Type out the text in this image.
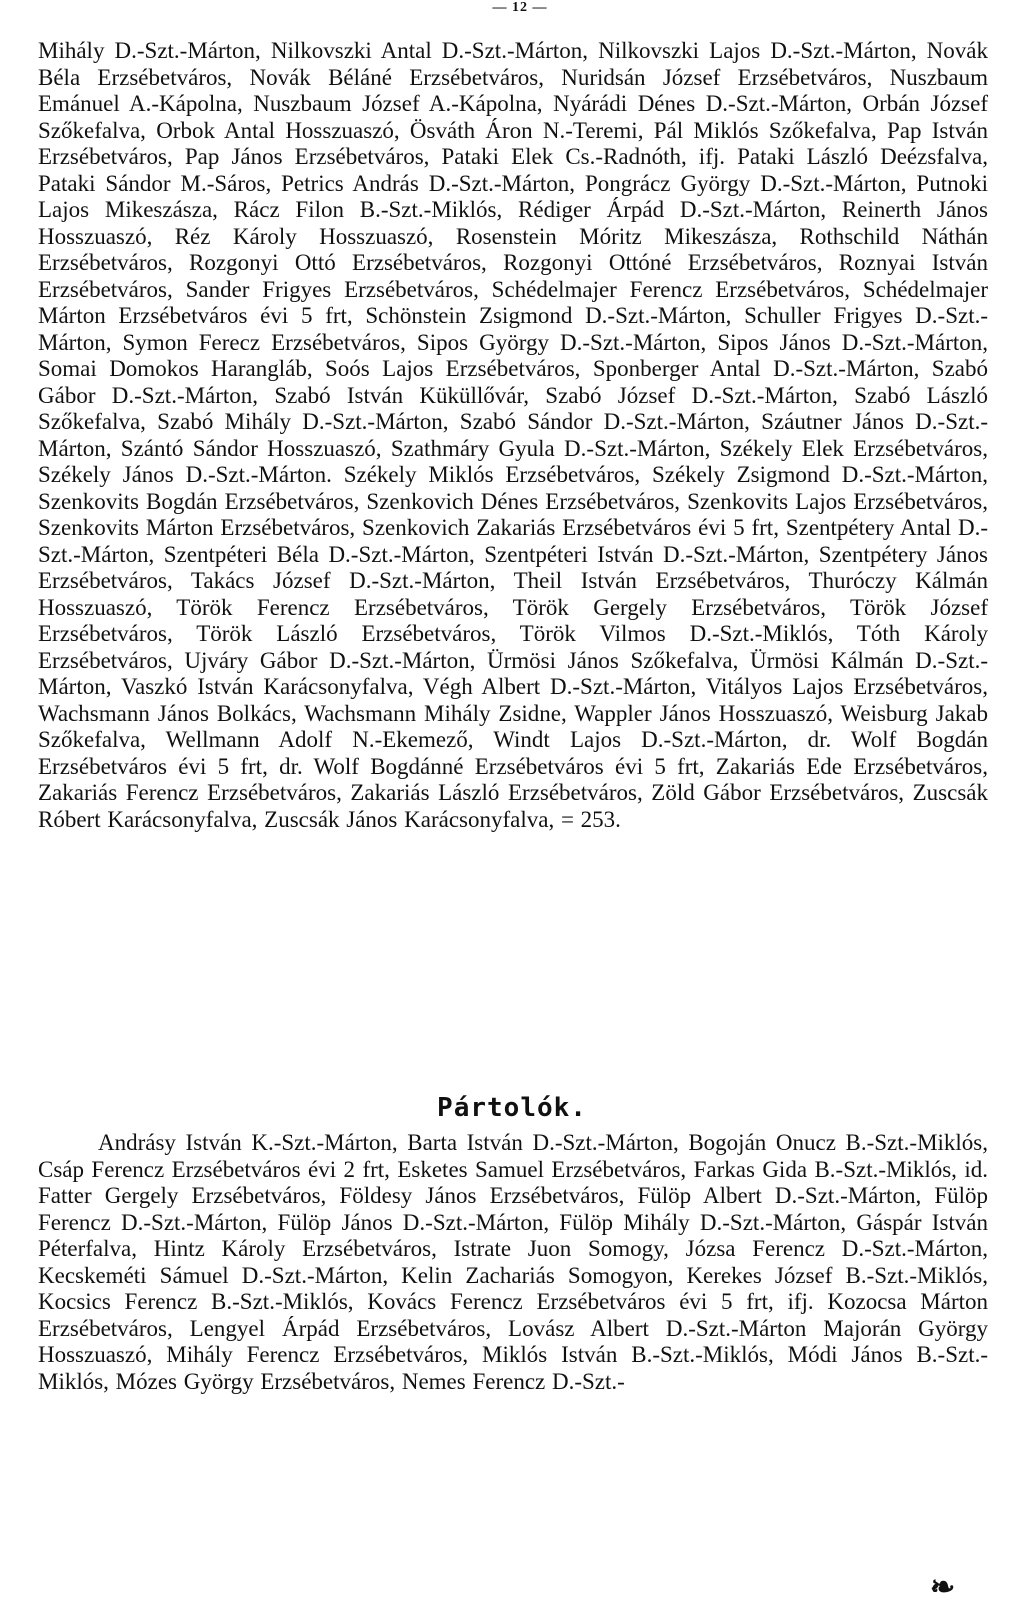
— 12 —
Mihály D.-Szt.-Márton, Nilkovszki Antal D.-Szt.-Márton, Nilkovszki Lajos D.-Szt.-Márton, Novák Béla Erzsébetváros, Novák Béláné Erzsébetváros, Nuridsán József Erzsébetváros, Nuszbaum Emánuel A.-Kápolna, Nuszbaum József A.-Kápolna, Nyárádi Dénes D.-Szt.-Márton, Orbán József Szőkefalva, Orbok Antal Hosszuaszó, Ösváth Áron N.-Teremi, Pál Miklós Szőkefalva, Pap István Erzsébetváros, Pap János Erzsébetváros, Pataki Elek Cs.-Radnóth, ifj. Pataki László Deézsfalva, Pataki Sándor M.-Sáros, Petrics András D.-Szt.-Márton, Pongrácz György D.-Szt.-Márton, Putnoki Lajos Mikeszásza, Rácz Filon B.-Szt.-Miklós, Rédiger Árpád D.-Szt.-Márton, Reinerth János Hosszuaszó, Réz Károly Hosszuaszó, Rosenstein Móritz Mikeszásza, Rothschild Náthán Erzsébetváros, Rozgonyi Ottó Erzsébetváros, Rozgonyi Ottóné Erzsébetváros, Roznyai István Erzsébetváros, Sander Frigyes Erzsébetváros, Schédelmajer Ferencz Erzsébetváros, Schédelmajer Márton Erzsébetváros évi 5 frt, Schönstein Zsigmond D.-Szt.-Márton, Schuller Frigyes D.-Szt.-Márton, Symon Ferecz Erzsébetváros, Sipos György D.-Szt.-Márton, Sipos János D.-Szt.-Márton, Somai Domokos Harangláb, Soós Lajos Erzsébetváros, Sponberger Antal D.-Szt.-Márton, Szabó Gábor D.-Szt.-Márton, Szabó István Küküllővár, Szabó József D.-Szt.-Márton, Szabó László Szőkefalva, Szabó Mihály D.-Szt.-Márton, Szabó Sándor D.-Szt.-Márton, Száutner János D.-Szt.-Márton, Szántó Sándor Hosszuaszó, Szathmáry Gyula D.-Szt.-Márton, Székely Elek Erzsébetváros, Székely János D.-Szt.-Márton. Székely Miklós Erzsébetváros, Székely Zsigmond D.-Szt.-Márton, Szenkovits Bogdán Erzsébetváros, Szenkovich Dénes Erzsébetváros, Szenkovits Lajos Erzsébetváros, Szenkovits Márton Erzsébetváros, Szenkovich Zakariás Erzsébetváros évi 5 frt, Szentpétery Antal D.-Szt.-Márton, Szentpéteri Béla D.-Szt.-Márton, Szentpéteri István D.-Szt.-Márton, Szentpétery János Erzsébetváros, Takács József D.-Szt.-Márton, Theil István Erzsébetváros, Thuróczy Kálmán Hosszuaszó, Török Ferencz Erzsébetváros, Török Gergely Erzsébetváros, Török József Erzsébetváros, Török László Erzsébetváros, Török Vilmos D.-Szt.-Miklós, Tóth Károly Erzsébetváros, Ujváry Gábor D.-Szt.-Márton, Ürmösi János Szőkefalva, Ürmösi Kálmán D.-Szt.-Márton, Vaszkó István Karácsonyfalva, Végh Albert D.-Szt.-Márton, Vitályos Lajos Erzsébetváros, Wachsmann János Bolkács, Wachsmann Mihály Zsidne, Wappler János Hosszuaszó, Weisburg Jakab Szőkefalva, Wellmann Adolf N.-Ekemező, Windt Lajos D.-Szt.-Márton, dr. Wolf Bogdán Erzsébetváros évi 5 frt, dr. Wolf Bogdánné Erzsébetváros évi 5 frt, Zakariás Ede Erzsébetváros, Zakariás Ferencz Erzsébetváros, Zakariás László Erzsébetváros, Zöld Gábor Erzsébetváros, Zuscsák Róbert Karácsonyfalva, Zuscsák János Karácsonyfalva, = 253.
Pártolók.
Andrásy István K.-Szt.-Márton, Barta István D.-Szt.-Márton, Bogoján Onucz B.-Szt.-Miklós, Csáp Ferencz Erzsébetváros évi 2 frt, Esketes Samuel Erzsébetváros, Farkas Gida B.-Szt.-Miklós, id. Fatter Gergely Erzsébetváros, Földesy János Erzsébetváros, Fülöp Albert D.-Szt.-Márton, Fülöp Ferencz D.-Szt.-Márton, Fülöp János D.-Szt.-Márton, Fülöp Mihály D.-Szt.-Márton, Gáspár István Péterfalva, Hintz Károly Erzsébetváros, Istrate Juon Somogy, Józsa Ferencz D.-Szt.-Márton, Kecskeméti Sámuel D.-Szt.-Márton, Kelin Zachariás Somogyon, Kerekes József B.-Szt.-Miklós, Kocsics Ferencz B.-Szt.-Miklós, Kovács Ferencz Erzsébetváros évi 5 frt, ifj. Kozocsa Márton Erzsébetváros, Lengyel Árpád Erzsébetváros, Lovász Albert D.-Szt.-Márton Majorán György Hosszuaszó, Mihály Ferencz Erzsébetváros, Miklós István B.-Szt.-Miklós, Módi János B.-Szt.-Miklós, Mózes György Erzsébetváros, Nemes Ferencz D.-Szt.-
❧
